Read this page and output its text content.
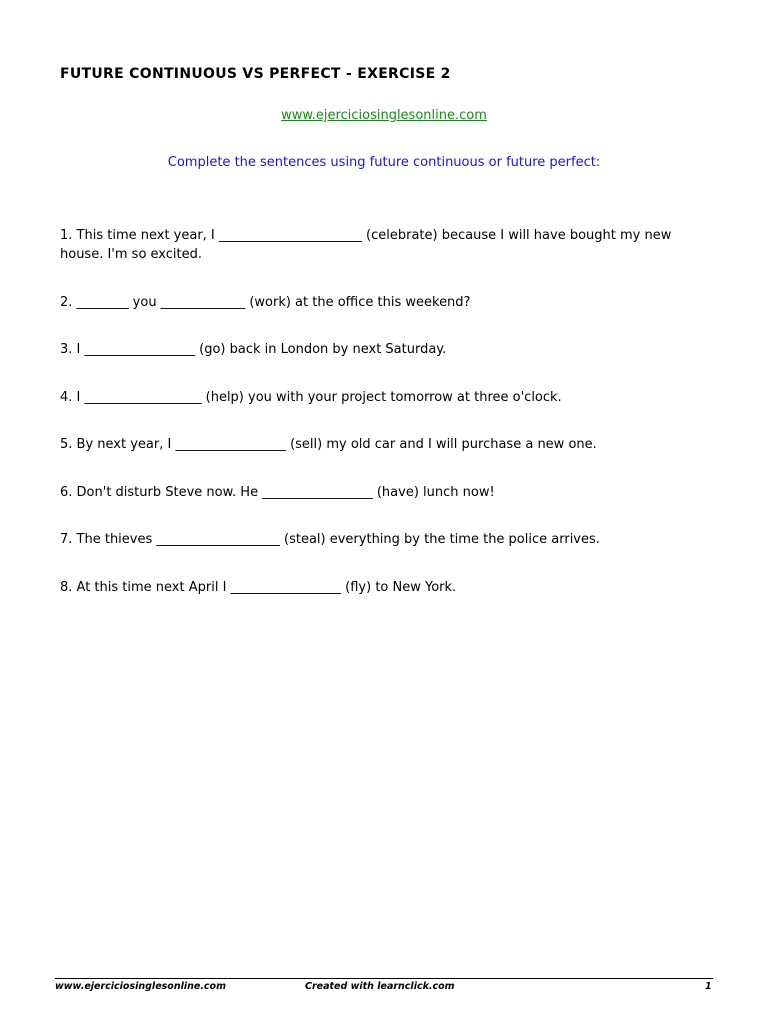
FUTURE CONTINUOUS VS PERFECT - EXERCISE 2
www.ejerciciosinglesonline.com
Complete the sentences using future continuous or future perfect:
1. This time next year, I ______________________ (celebrate) because I will have bought my new house. I'm so excited.
2. ________ you _____________ (work) at the office this weekend?
3. I _________________ (go) back in London by next Saturday.
4. I __________________ (help) you with your project tomorrow at three o'clock.
5. By next year, I _________________ (sell) my old car and I will purchase a new one.
6. Don't disturb Steve now. He _________________ (have) lunch now!
7. The thieves ___________________ (steal) everything by the time the police arrives.
8. At this time next April I _________________ (fly) to New York.
www.ejerciciosinglesonline.com	Created with learnclick.com	1
